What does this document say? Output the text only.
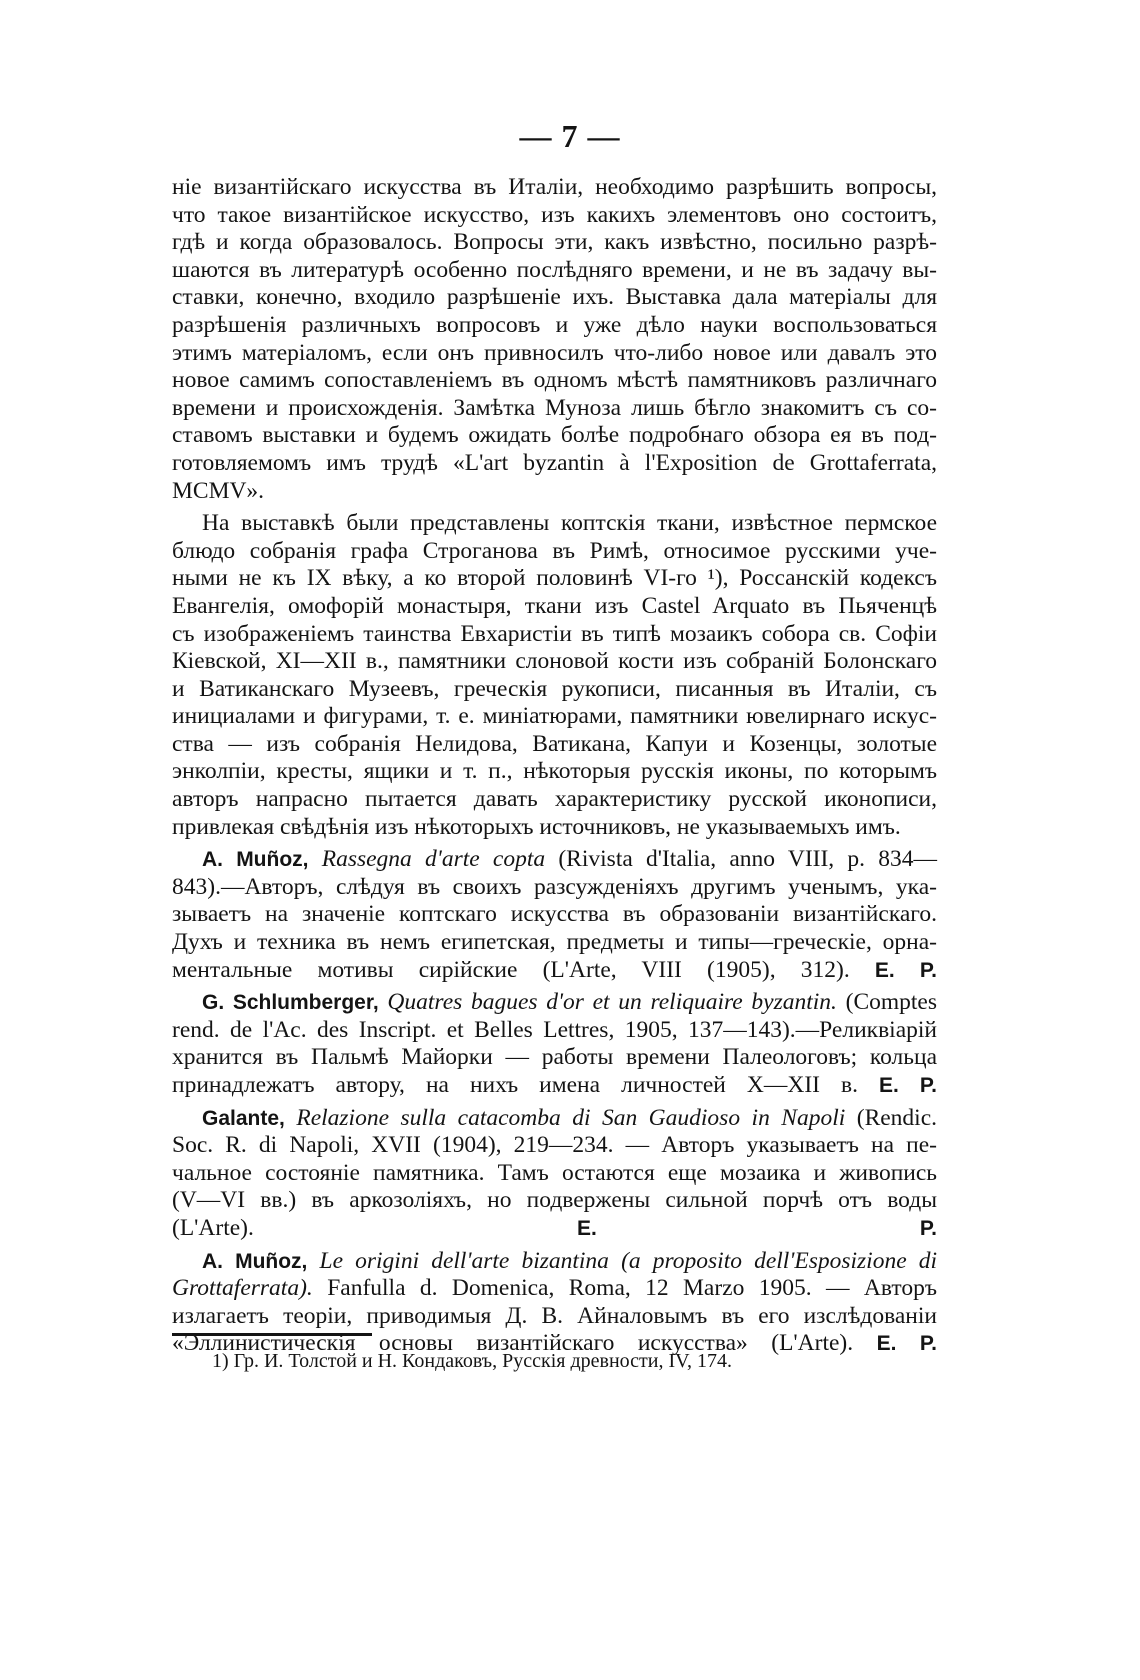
— 7 —
ніе византійскаго искусства въ Италіи, необходимо разрѣшить вопросы,
что такое византійское искусство, изъ какихъ элементовъ оно состоитъ,
гдѣ и когда образовалось. Вопросы эти, какъ извѣстно, посильно разрѣ-
шаются въ литературѣ особенно послѣдняго времени, и не въ задачу вы-
ставки, конечно, входило разрѣшеніе ихъ. Выставка дала матеріалы для
разрѣшенія различныхъ вопросовъ и уже дѣло науки воспользоваться
этимъ матеріаломъ, если онъ привносилъ что-либо новое или давалъ это
новое самимъ сопоставленіемъ въ одномъ мѣстѣ памятниковъ различнаго
времени и происхожденія. Замѣтка Муноза лишь бѣгло знакомитъ съ со-
ставомъ выставки и будемъ ожидать болѣе подробнаго обзора ея въ под-
готовляемомъ имъ трудѣ «L'art byzantin à l'Exposition de Grottaferrata,
MCMV».
На выставкѣ были представлены коптскія ткани, извѣстное пермское
блюдо собранія графа Строганова въ Римѣ, относимое русскими уче-
ными не къ IX вѣку, а ко второй половинѣ VI-го ¹), Россанскій кодексъ
Евангелія, омофорій монастыря, ткани изъ Castel Arquato въ Пьяченцѣ
съ изображеніемъ таинства Евхаристіи въ типѣ мозаикъ собора св. Софіи
Кіевской, XI—XII в., памятники слоновой кости изъ собраній Болонскаго
и Ватиканскаго Музеевъ, греческія рукописи, писанныя въ Италіи, съ
инициалами и фигурами, т. е. миніатюрами, памятники ювелирнаго искус-
ства — изъ собранія Нелидова, Ватикана, Капуи и Козенцы, золотые
энколпіи, кресты, ящики и т. п., нѣкоторыя русскія иконы, по которымъ
авторъ напрасно пытается давать характеристику русской иконописи,
привлекая свѣдѣнія изъ нѣкоторыхъ источниковъ, не указываемыхъ имъ.
A. Muñoz, Rassegna d'arte copta (Rivista d'Italia, anno VIII, p. 834—
843).—Авторъ, слѣдуя въ своихъ разсужденіяхъ другимъ ученымъ, ука-
зываетъ на значеніе коптскаго искусства въ образованіи византійскаго.
Духъ и техника въ немъ египетская, предметы и типы—греческіе, орна-
ментальные мотивы сирійские (L'Arte, VIII (1905), 312). E. P.
G. Schlumberger, Quatres bagues d'or et un reliquaire byzantin. (Comptes
rend. de l'Ac. des Inscript. et Belles Lettres, 1905, 137—143).—Реликвіарій
хранится въ Пальмѣ Майорки — работы времени Палеологовъ; кольца
принадлежатъ автору, на нихъ имена личностей X—XII в. E. P.
Galante, Relazione sulla catacomba di San Gaudioso in Napoli (Rendic.
Soc. R. di Napoli, XVII (1904), 219—234. — Авторъ указываетъ на пе-
чальное состояніе памятника. Тамъ остаются еще мозаика и живопись
(V—VI вв.) въ аркозоліяхъ, но подвержены сильной порчѣ отъ воды
(L'Arte).	E. P.
A. Muñoz, Le origini dell'arte bizantina (a proposito dell'Esposizione di
Grottaferrata). Fanfulla d. Domenica, Roma, 12 Marzo 1905. — Авторъ
излагаетъ теоріи, приводимыя Д. В. Айналовымъ въ его изслѣдованіи
«Эллинистическія основы византійскаго искусства» (L'Arte). E. P.
1) Гр. И. Толстой и Н. Кондаковъ, Русскія древности, IV, 174.
